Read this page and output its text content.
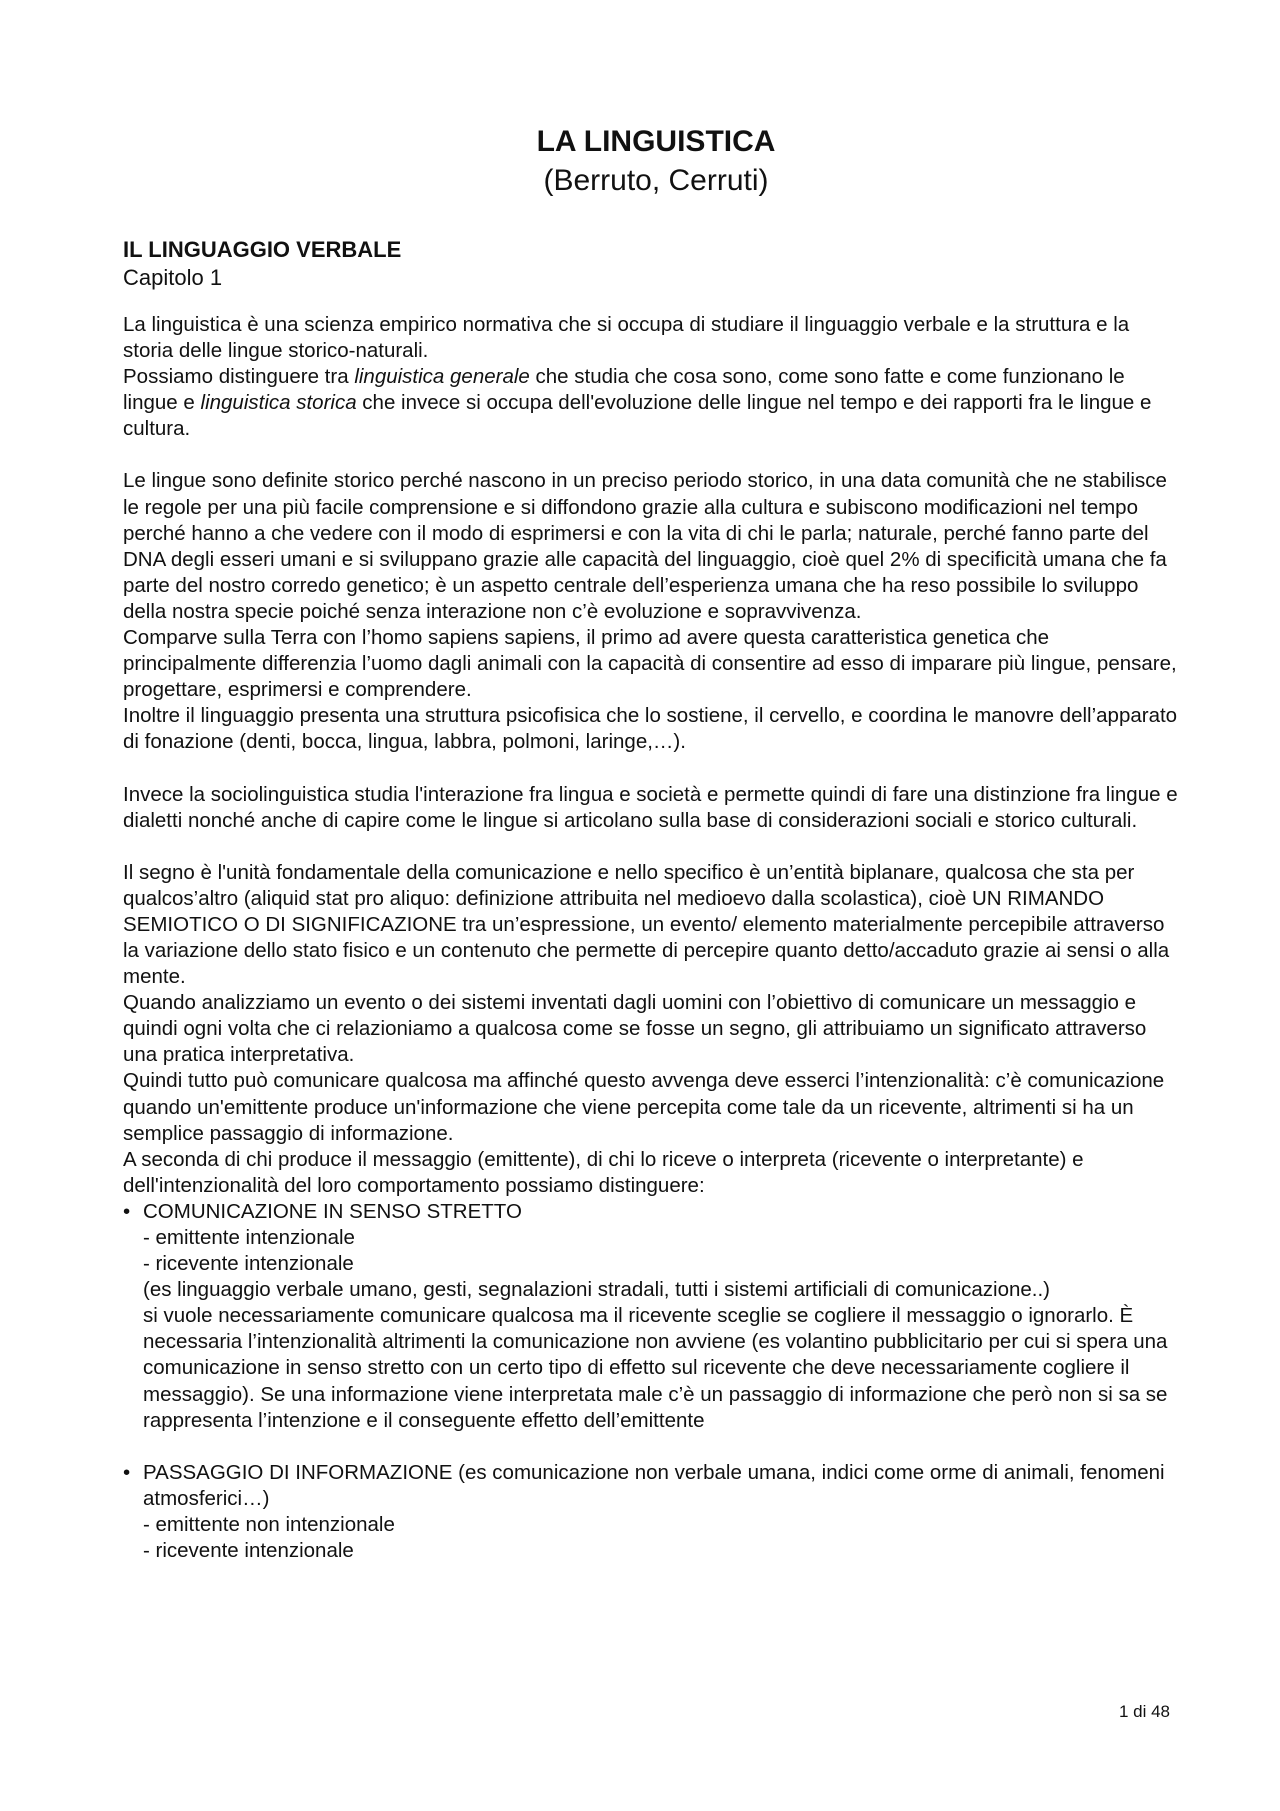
LA LINGUISTICA
(Berruto, Cerruti)

IL LINGUAGGIO VERBALE

Capitolo 1

La linguistica è una scienza empirico normativa che si occupa di studiare il linguaggio verbale e la struttura e la storia delle lingue storico-naturali.

Possiamo distinguere tra linguistica generale che studia che cosa sono, come sono fatte e come funzionano le lingue e linguistica storica che invece si occupa dell'evoluzione delle lingue nel tempo e dei rapporti fra le lingue e cultura.

Le lingue sono definite storico perché nascono in un preciso periodo storico, in una data comunità che ne stabilisce le regole per una più facile comprensione e si diffondono grazie alla cultura e subiscono modificazioni nel tempo perché hanno a che vedere con il modo di esprimersi e con la vita di chi le parla; naturale, perché fanno parte del DNA degli esseri umani e si sviluppano grazie alle capacità del linguaggio, cioè quel 2% di specificità umana che fa parte del nostro corredo genetico; è un aspetto centrale dell’esperienza umana che ha reso possibile lo sviluppo della nostra specie poiché senza interazione non c’è evoluzione e sopravvivenza.

Comparve sulla Terra con l’homo sapiens sapiens, il primo ad avere questa caratteristica genetica che principalmente differenzia l’uomo dagli animali con la capacità di consentire ad esso di imparare più lingue, pensare, progettare, esprimersi e comprendere.

Inoltre il linguaggio presenta una struttura psicofisica che lo sostiene, il cervello, e coordina le manovre dell’apparato di fonazione (denti, bocca, lingua, labbra, polmoni, laringe,…).

Invece la sociolinguistica studia l'interazione fra lingua e società e permette quindi di fare una distinzione fra lingue e dialetti nonché anche di capire come le lingue si articolano sulla base di considerazioni sociali e storico culturali.

Il segno è l'unità fondamentale della comunicazione e nello specifico è un’entità biplanare, qualcosa che sta per qualcos’altro (aliquid stat pro aliquo: definizione attribuita nel medioevo dalla scolastica), cioè UN RIMANDO SEMIOTICO O DI SIGNIFICAZIONE tra un’espressione, un evento/ elemento materialmente percepibile attraverso la variazione dello stato fisico e un contenuto che permette di percepire quanto detto/accaduto grazie ai sensi o alla mente.

Quando analizziamo un evento o dei sistemi inventati dagli uomini con l’obiettivo di comunicare un messaggio e quindi ogni volta che ci relazioniamo a qualcosa come se fosse un segno, gli attribuiamo un significato attraverso una pratica interpretativa.

Quindi tutto può comunicare qualcosa ma affinché questo avvenga deve esserci l’intenzionalità: c’è comunicazione quando un'emittente produce un'informazione che viene percepita come tale da un ricevente, altrimenti si ha un semplice passaggio di informazione.

A seconda di chi produce il messaggio (emittente), di chi lo riceve o interpreta (ricevente o interpretante) e dell'intenzionalità del loro comportamento possiamo distinguere:

• COMUNICAZIONE IN SENSO STRETTO

- emittente intenzionale

- ricevente intenzionale

(es linguaggio verbale umano, gesti, segnalazioni stradali, tutti i sistemi artificiali di comunicazione..)

si vuole necessariamente comunicare qualcosa ma il ricevente sceglie se cogliere il messaggio o ignorarlo. È necessaria l’intenzionalità altrimenti la comunicazione non avviene (es volantino pubblicitario per cui si spera una comunicazione in senso stretto con un certo tipo di effetto sul ricevente che deve necessariamente cogliere il messaggio). Se una informazione viene interpretata male c’è un passaggio di informazione che però non si sa se rappresenta l’intenzione e il conseguente effetto dell’emittente

• PASSAGGIO DI INFORMAZIONE (es comunicazione non verbale umana, indici come orme di animali, fenomeni atmosferici…)

- emittente non intenzionale

- ricevente intenzionale

1 di 48
